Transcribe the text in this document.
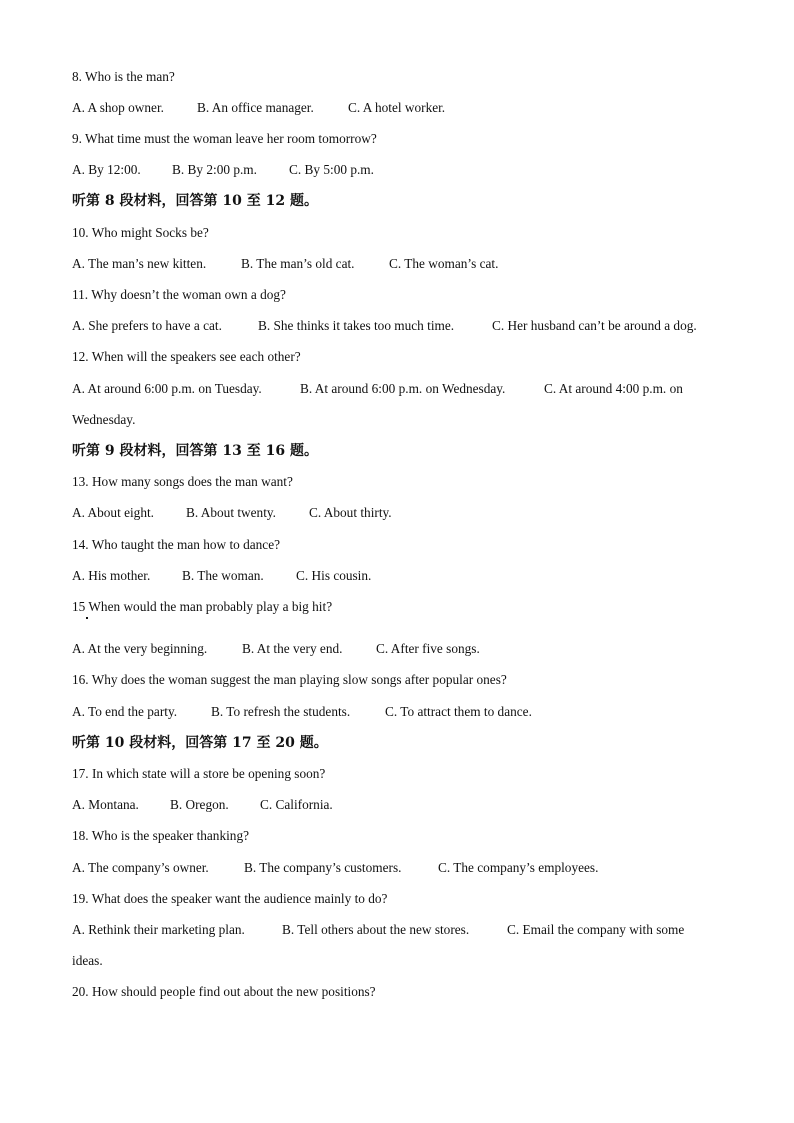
8. Who is the man?
A. A shop owner. B. An office manager.	C. A hotel worker.
9. What time must the woman leave her room tomorrow?
A. By 12:00. B. By 2:00 p.m. C. By 5:00 p.m.
听第 8 段材料，回答第 10 至 12 题。
10. Who might Socks be?
A. The man’s new kitten.	B. The man’s old cat.	C. The woman’s cat.
11. Why doesn’t the woman own a dog?
A. She prefers to have a cat.	B. She thinks it takes too much time.	C. Her husband can’t be around a dog.
12. When will the speakers see each other?
A. At around 6:00 p.m. on Tuesday.	B. At around 6:00 p.m. on Wednesday.	C. At around 4:00 p.m. on
Wednesday.
听第 9 段材料，回答第 13 至 16 题。
13. How many songs does the man want?
A. About eight. B. About twenty. C. About thirty.
14. Who taught the man how to dance?
A. His mother. B. The woman. C. His cousin.
15 When would the man probably play a big hit?
A. At the very beginning.	B. At the very end.	C. After five songs.
16. Why does the woman suggest the man playing slow songs after popular ones?
A. To end the party.	B. To refresh the students.	C. To attract them to dance.
听第 10 段材料，回答第 17 至 20 题。
17. In which state will a store be opening soon?
A. Montana. B. Oregon. C. California.
18. Who is the speaker thanking?
A. The company’s owner.	B. The company’s customers.	C. The company’s employees.
19. What does the speaker want the audience mainly to do?
A. Rethink their marketing plan.	B. Tell others about the new stores.	C. Email the company with some
ideas.
20. How should people find out about the new positions?
